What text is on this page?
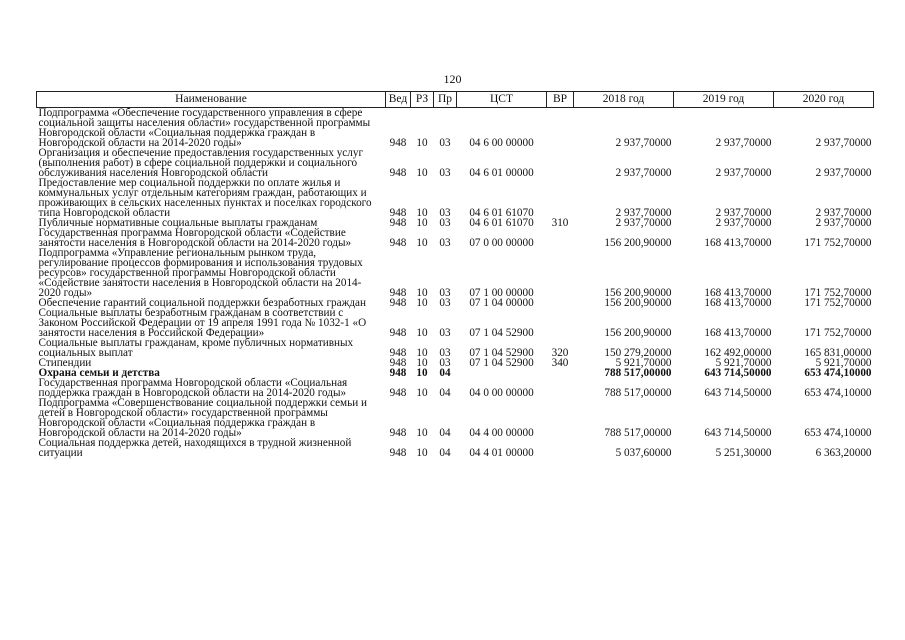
120
Наименование	Вед	РЗ	Пр	ЦСТ	ВР	2018 год	2019 год	2020 год
Подпрограмма «Обеспечение государственного управления в сфере социальной защиты населения области» государственной программы Новгородской области «Социальная поддержка граждан в Новгородской области на 2014-2020 годы»	948	10	03	04 6 00 00000		2 937,70000	2 937,70000	2 937,70000
Организация и обеспечение предоставления государственных услуг (выполнения работ) в сфере социальной поддержки и социального обслуживания населения Новгородской области	948	10	03	04 6 01 00000		2 937,70000	2 937,70000	2 937,70000
Предоставление мер социальной поддержки по оплате жилья и коммунальных услуг отдельным категориям граждан, работающих и проживающих в сельских населенных пунктах и поселках городского типа Новгородской области	948	10	03	04 6 01 61070		2 937,70000	2 937,70000	2 937,70000
Публичные нормативные социальные выплаты гражданам	948	10	03	04 6 01 61070	310	2 937,70000	2 937,70000	2 937,70000
Государственная программа Новгородской области «Содействие занятости населения в Новгородской области на 2014-2020 годы»	948	10	03	07 0 00 00000		156 200,90000	168 413,70000	171 752,70000
Подпрограмма «Управление региональным рынком труда, регулирование процессов формирования и использования трудовых ресурсов» государственной программы Новгородской области «Содействие занятости населения в Новгородской области на 2014-2020 годы»	948	10	03	07 1 00 00000		156 200,90000	168 413,70000	171 752,70000
Обеспечение гарантий социальной поддержки безработных граждан	948	10	03	07 1 04 00000		156 200,90000	168 413,70000	171 752,70000
Социальные выплаты безработным гражданам в соответствии с Законом Российской Федерации от 19 апреля 1991 года № 1032-1 «О занятости населения в Российской Федерации»	948	10	03	07 1 04 52900		156 200,90000	168 413,70000	171 752,70000
Социальные выплаты гражданам, кроме публичных нормативных социальных выплат	948	10	03	07 1 04 52900	320	150 279,20000	162 492,00000	165 831,00000
Стипендии	948	10	03	07 1 04 52900	340	5 921,70000	5 921,70000	5 921,70000
Охрана семьи и детства	948	10	04			788 517,00000	643 714,50000	653 474,10000
Государственная программа Новгородской области «Социальная поддержка граждан в Новгородской области на 2014-2020 годы»	948	10	04	04 0 00 00000		788 517,00000	643 714,50000	653 474,10000
Подпрограмма «Совершенствование социальной поддержки семьи и детей в Новгородской области» государственной программы Новгородской области «Социальная поддержка граждан в Новгородской области на 2014-2020 годы»	948	10	04	04 4 00 00000		788 517,00000	643 714,50000	653 474,10000
Социальная поддержка детей, находящихся в трудной жизненной ситуации	948	10	04	04 4 01 00000		5 037,60000	5 251,30000	6 363,20000
